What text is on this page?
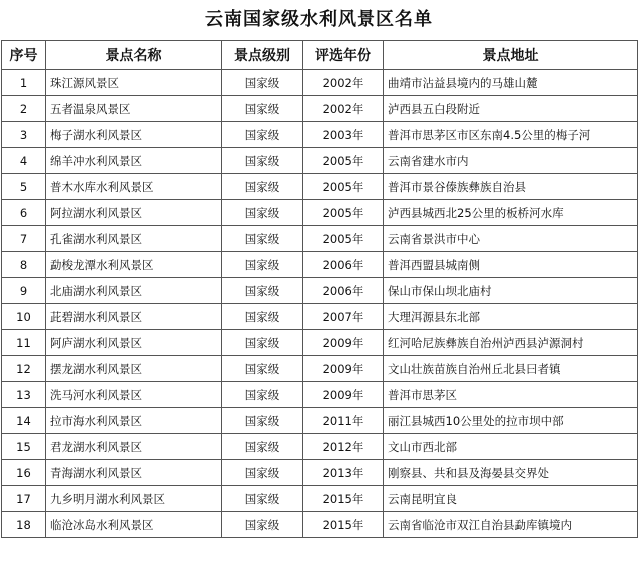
云南国家级水利风景区名单
序号	景点名称	景点级别	评选年份	景点地址
1	珠江源风景区	国家级	2002年	曲靖市沾益县境内的马雄山麓
2	五者温泉风景区	国家级	2002年	泸西县五白段附近
3	梅子湖水利风景区	国家级	2003年	普洱市思茅区市区东南4.5公里的梅子河
4	绵羊冲水利风景区	国家级	2005年	云南省建水市内
5	普木水库水利风景区	国家级	2005年	普洱市景谷傣族彝族自治县
6	阿拉湖水利风景区	国家级	2005年	泸西县城西北25公里的板桥河水库
7	孔雀湖水利风景区	国家级	2005年	云南省景洪市中心
8	勐梭龙潭水利风景区	国家级	2006年	普洱西盟县城南侧
9	北庙湖水利风景区	国家级	2006年	保山市保山坝北庙村
10	茈碧湖水利风景区	国家级	2007年	大理洱源县东北部
11	阿庐湖水利风景区	国家级	2009年	红河哈尼族彝族自治州泸西县泸源洞村
12	摆龙湖水利风景区	国家级	2009年	文山壮族苗族自治州丘北县曰者镇
13	洗马河水利风景区	国家级	2009年	普洱市思茅区
14	拉市海水利风景区	国家级	2011年	丽江县城西10公里处的拉市坝中部
15	君龙湖水利风景区	国家级	2012年	文山市西北部
16	青海湖水利风景区	国家级	2013年	刚察县、共和县及海晏县交界处
17	九乡明月湖水利风景区	国家级	2015年	云南昆明宜良
18	临沧冰岛水利风景区	国家级	2015年	云南省临沧市双江自治县勐库镇境内
